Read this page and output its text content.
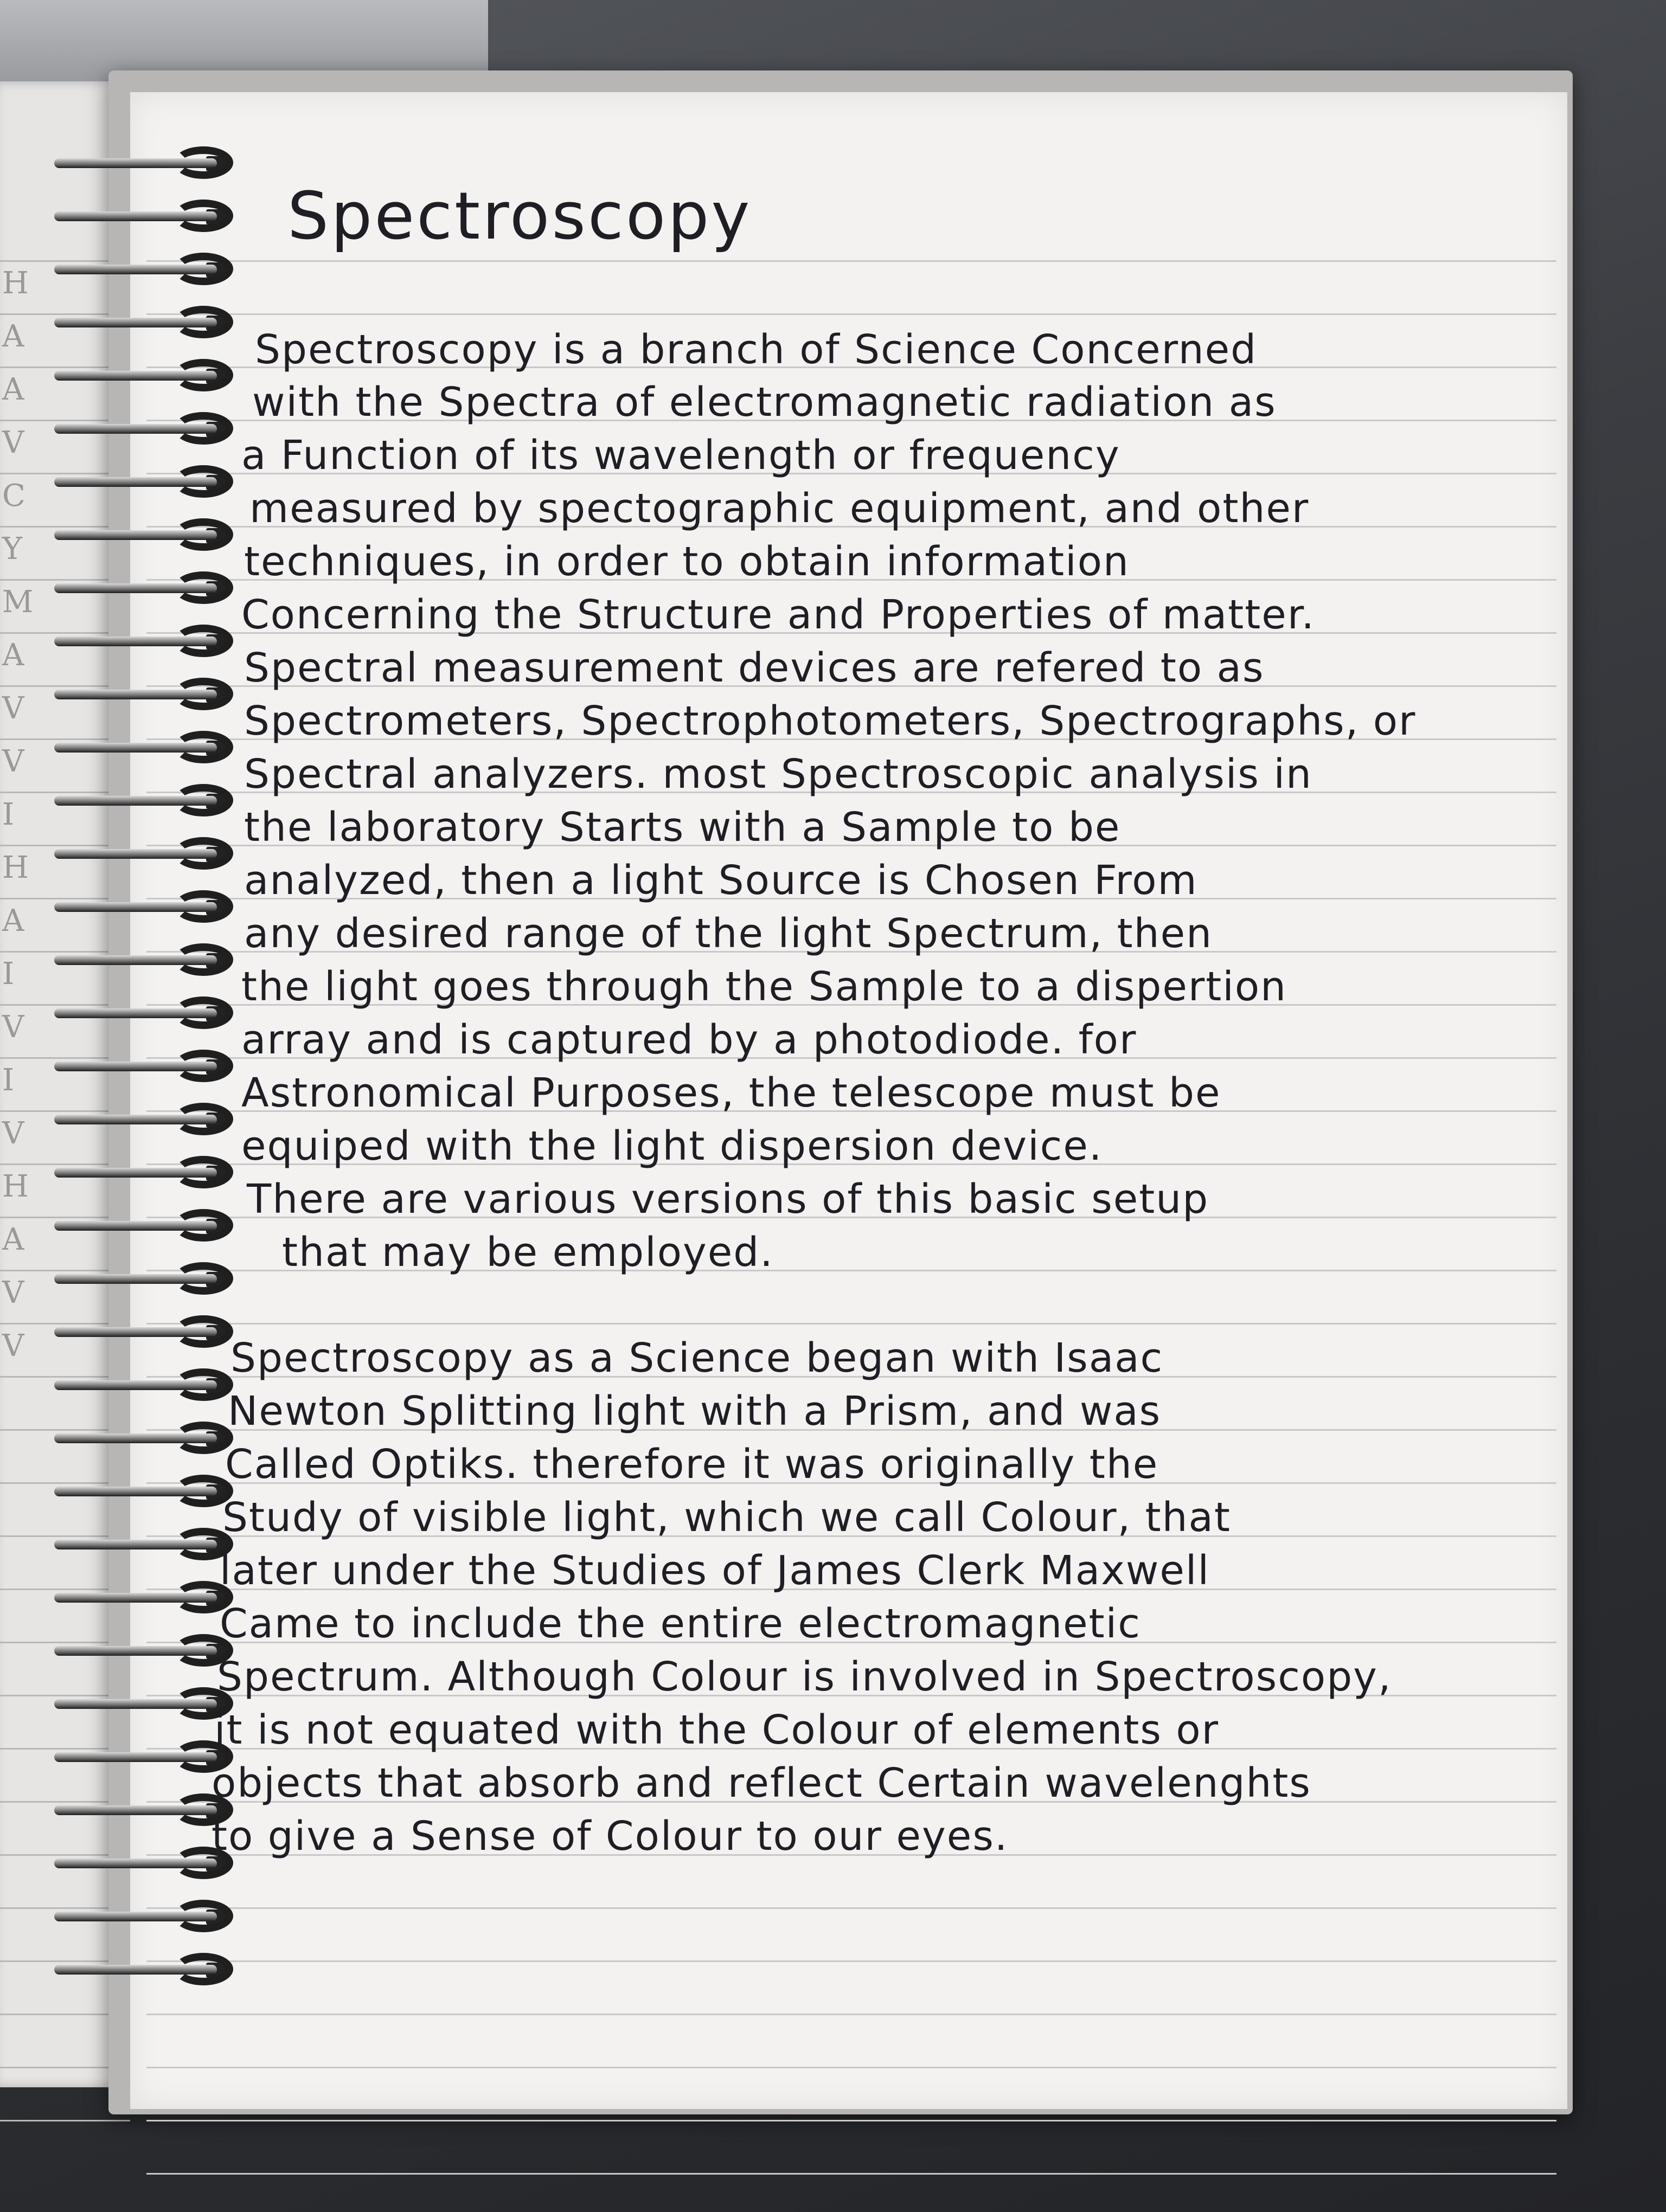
H
A
A
V
C
Y
M
A
V
V
I
H
A
I
V
I
V
H
A
V
V
Spectroscopy
Spectroscopy is a branch of Science Concerned
with the Spectra of electromagnetic radiation as
a Function of its wavelength or frequency
measured by spectographic equipment, and other
techniques, in order to obtain information
Concerning the Structure and Properties of matter.
Spectral measurement devices are refered to as
Spectrometers, Spectrophotometers, Spectrographs, or
Spectral analyzers. most Spectroscopic analysis in
the laboratory Starts with a Sample to be
analyzed, then a light Source is Chosen From
any desired range of the light Spectrum, then
the light goes through the Sample to a dispertion
array and is captured by a photodiode. for
Astronomical Purposes, the telescope must be
equiped with the light dispersion device.
There are various versions of this basic setup
that may be employed.
Spectroscopy as a Science began with Isaac
Newton Splitting light with a Prism, and was
Called Optiks. therefore it was originally the
Study of visible light, which we call Colour, that
later under the Studies of James Clerk Maxwell
Came to include the entire electromagnetic
Spectrum. Although Colour is involved in Spectroscopy,
it is not equated with the Colour of elements or
objects that absorb and reflect Certain wavelenghts
to give a Sense of Colour to our eyes.
